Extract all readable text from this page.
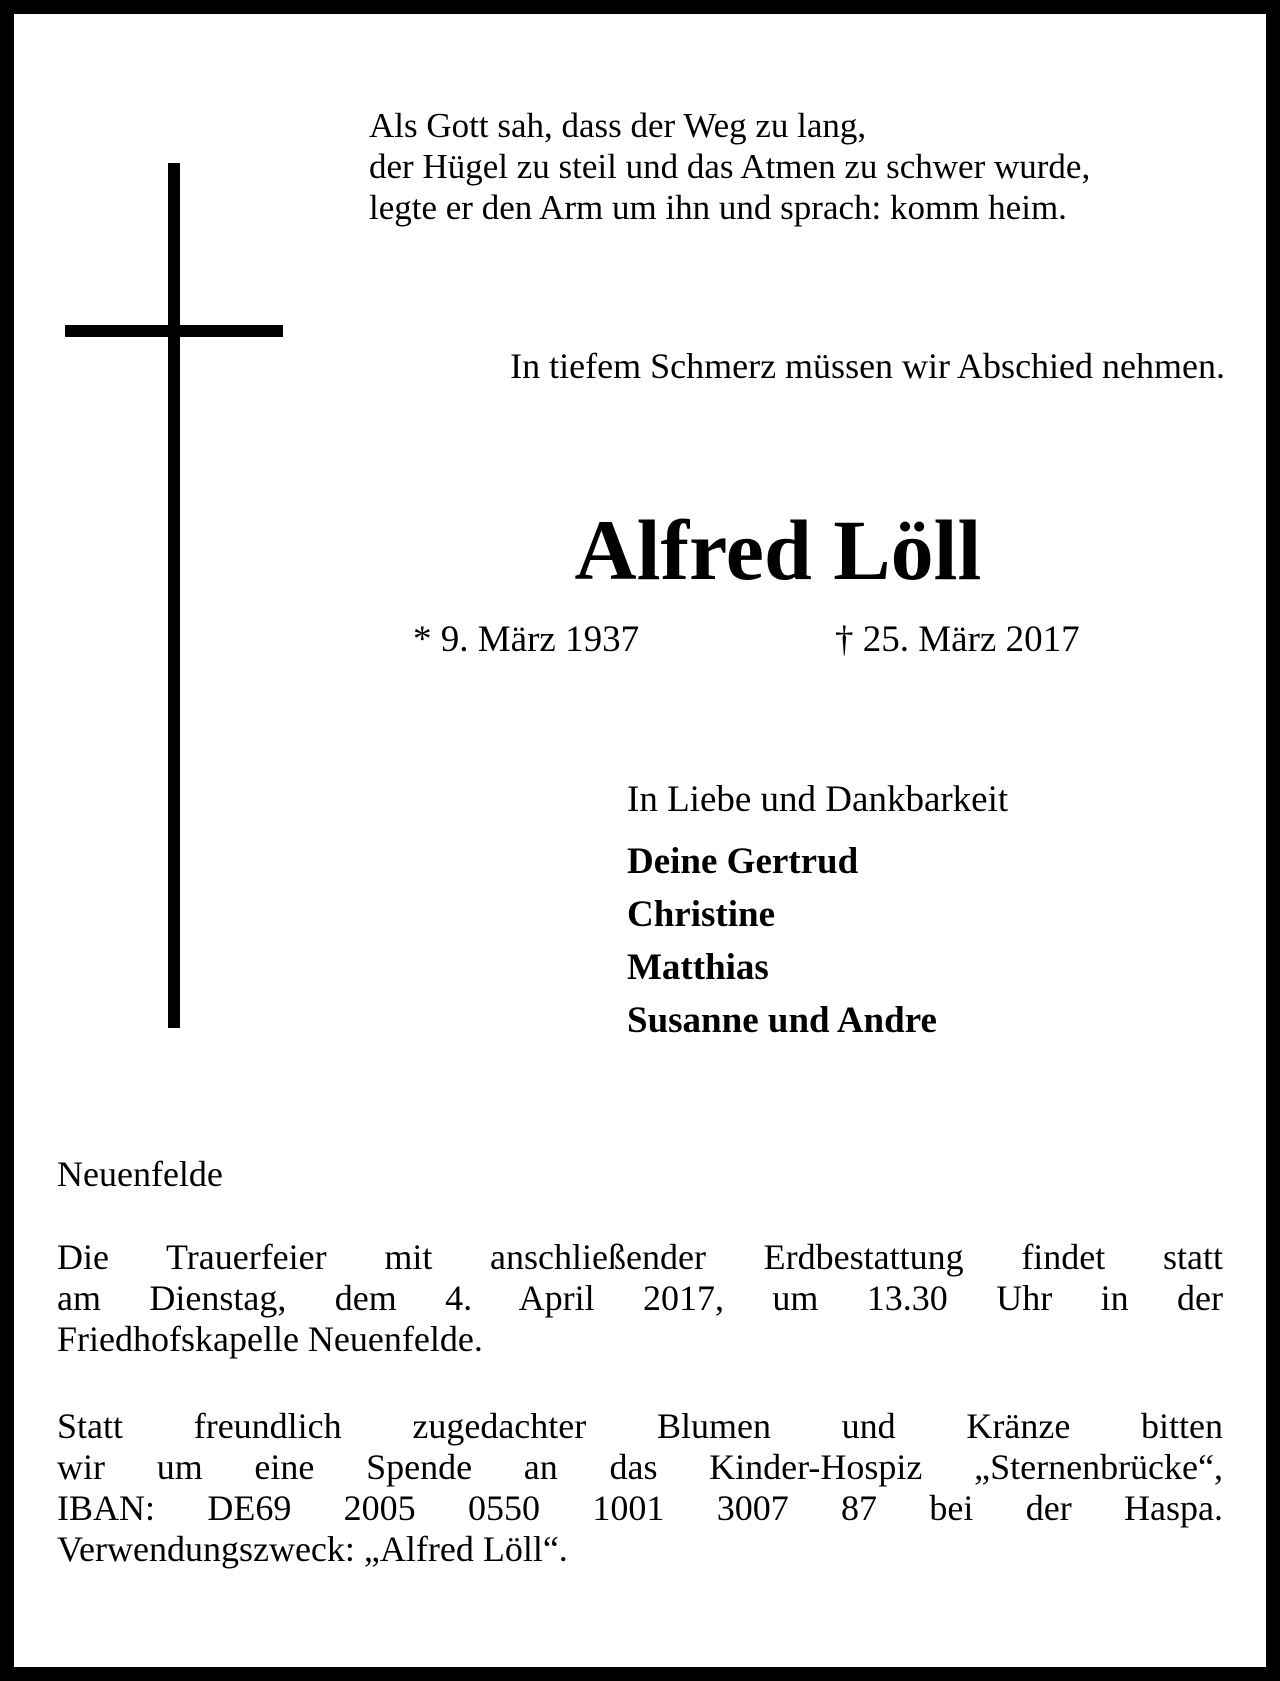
Als Gott sah, dass der Weg zu lang,
der Hügel zu steil und das Atmen zu schwer wurde,
legte er den Arm um ihn und sprach: komm heim.
In tiefem Schmerz müssen wir Abschied nehmen.
Alfred Löll
* 9. März 1937	† 25. März 2017
In Liebe und Dankbarkeit
Deine Gertrud
Christine
Matthias
Susanne und Andre
Neuenfelde
Die Trauerfeier mit anschließender Erdbestattung findet statt
am Dienstag, dem 4. April 2017, um 13.30 Uhr in der
Friedhofskapelle Neuenfelde.
Statt freundlich zugedachter Blumen und Kränze bitten
wir um eine Spende an das Kinder-Hospiz „Sternenbrücke“,
IBAN: DE69 2005 0550 1001 3007 87 bei der Haspa.
Verwendungszweck: „Alfred Löll“.
